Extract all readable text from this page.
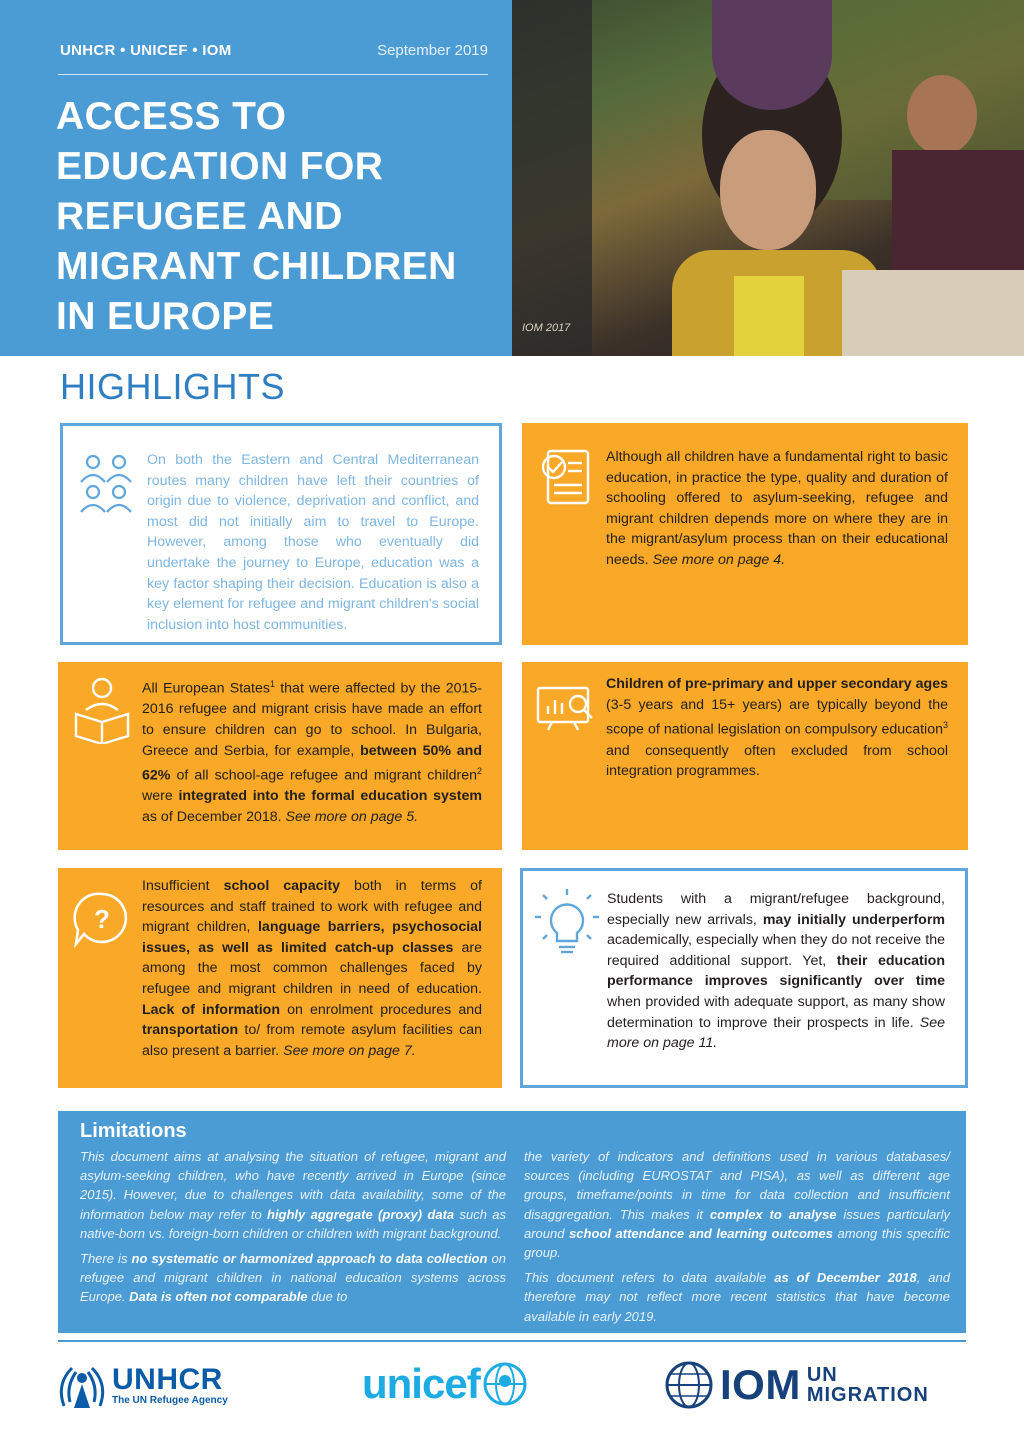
UNHCR • UNICEF • IOM	September 2019
ACCESS TO
EDUCATION FOR
REFUGEE AND
MIGRANT CHILDREN
IN EUROPE	IOM 2017
HIGHLIGHTS
On both the Eastern and Central Mediterranean routes many children have left their countries of origin due to violence, deprivation and conflict, and most did not initially aim to travel to Europe. However, among those who eventually did undertake the journey to Europe, education was a key factor shaping their decision. Education is also a key element for refugee and migrant children's social inclusion into host communities.
Although all children have a fundamental right to basic education, in practice the type, quality and duration of schooling offered to asylum-seeking, refugee and migrant children depends more on where they are in the migrant/asylum process than on their educational needs. See more on page 4.
All European States$^1$ that were affected by the 2015-2016 refugee and migrant crisis have made an effort to ensure children can go to school. In Bulgaria, Greece and Serbia, for example, between 50% and 62% of all school-age refugee and migrant children$^2$ were integrated into the formal education system as of December 2018. See more on page 5.
Children of pre-primary and upper secondary ages (3-5 years and 15+ years) are typically beyond the scope of national legislation on compulsory education$^3$ and consequently often excluded from school integration programmes.
?
Insufficient school capacity both in terms of resources and staff trained to work with refugee and migrant children, language barriers, psychosocial issues, as well as limited catch-up classes are among the most common challenges faced by refugee and migrant children in need of education. Lack of information on enrolment procedures and transportation to/ from remote asylum facilities can also present a barrier. See more on page 7.
Students with a migrant/refugee background, especially new arrivals, may initially underperform academically, especially when they do not receive the required additional support. Yet, their education performance improves significantly over time when provided with adequate support, as many show determination to improve their prospects in life. See more on page 11.
Limitations

This document aims at analysing the situation of refugee, migrant and asylum-seeking children, who have recently arrived in Europe (since 2015). However, due to challenges with data availability, some of the information below may refer to highly aggregate (proxy) data such as native-born vs. foreign-born children or children with migrant background.

There is no systematic or harmonized approach to data collection on refugee and migrant children in national education systems across Europe. Data is often not comparable due to

the variety of indicators and definitions used in various databases/ sources (including EUROSTAT and PISA), as well as different age groups, timeframe/points in time for data collection and insufficient disaggregation. This makes it complex to analyse issues particularly around school attendance and learning outcomes among this specific group.

This document refers to data available as of December 2018, and therefore may not reflect more recent statistics that have become available in early 2019.

UNHCR
The UN Refugee Agency	unicef	IOM UN
MIGRATION
